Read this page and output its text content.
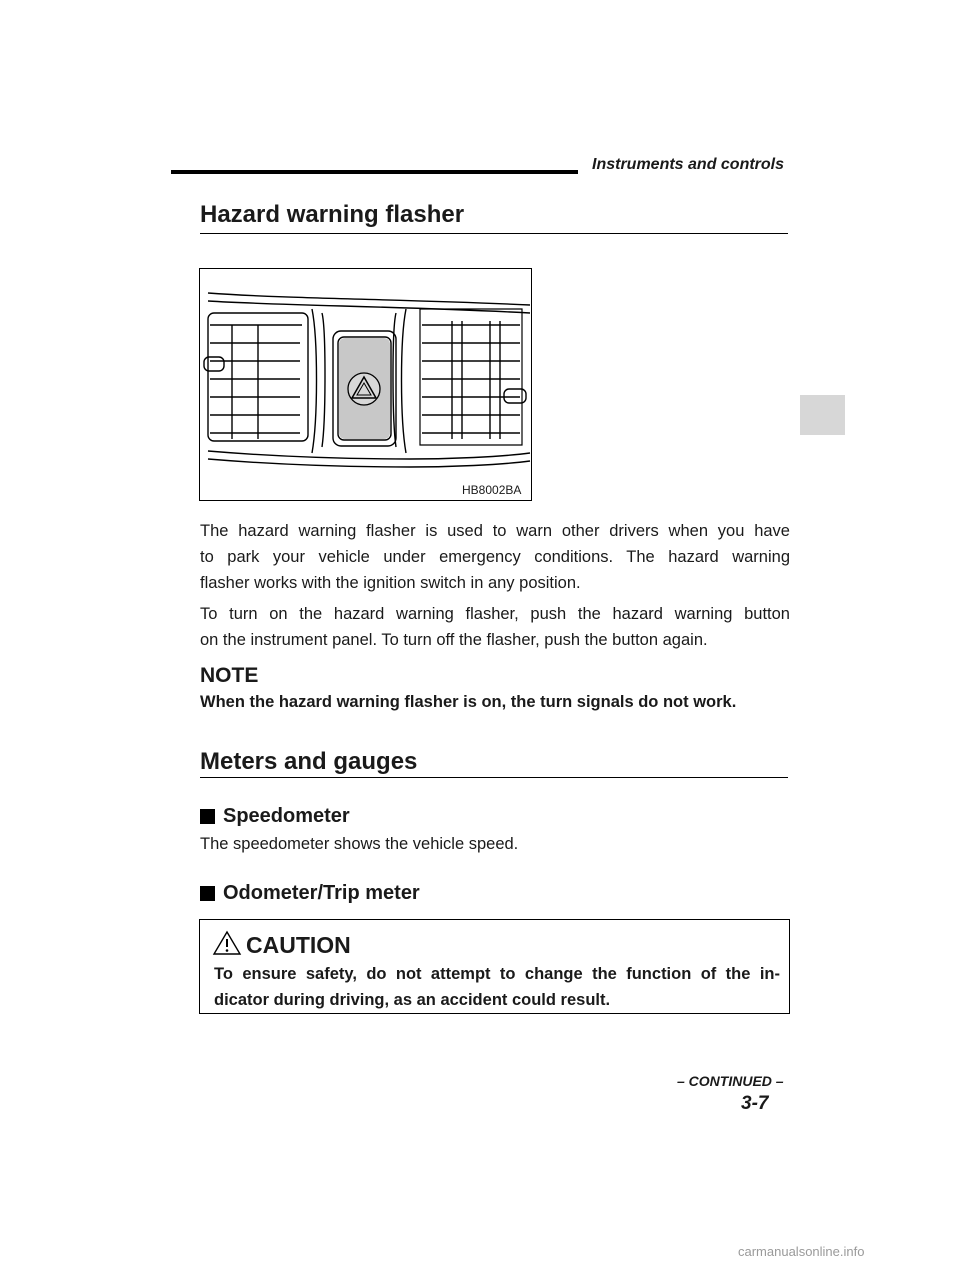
Instruments and controls
Hazard warning flasher
HB8002BA

The hazard warning flasher is used to warn other drivers when you have
to park your vehicle under emergency conditions. The hazard warning
flasher works with the ignition switch in any position.

To turn on the hazard warning flasher, push the hazard warning button
on the instrument panel. To turn off the flasher, push the button again.

NOTE
When the hazard warning flasher is on, the turn signals do not work.
Meters and gauges
Speedometer
The speedometer shows the vehicle speed.
Odometer/Trip meter
CAUTION

To ensure safety, do not attempt to change the function of the in-
dicator during driving, as an accident could result.

– CONTINUED –
3-7
carmanualsonline.info
